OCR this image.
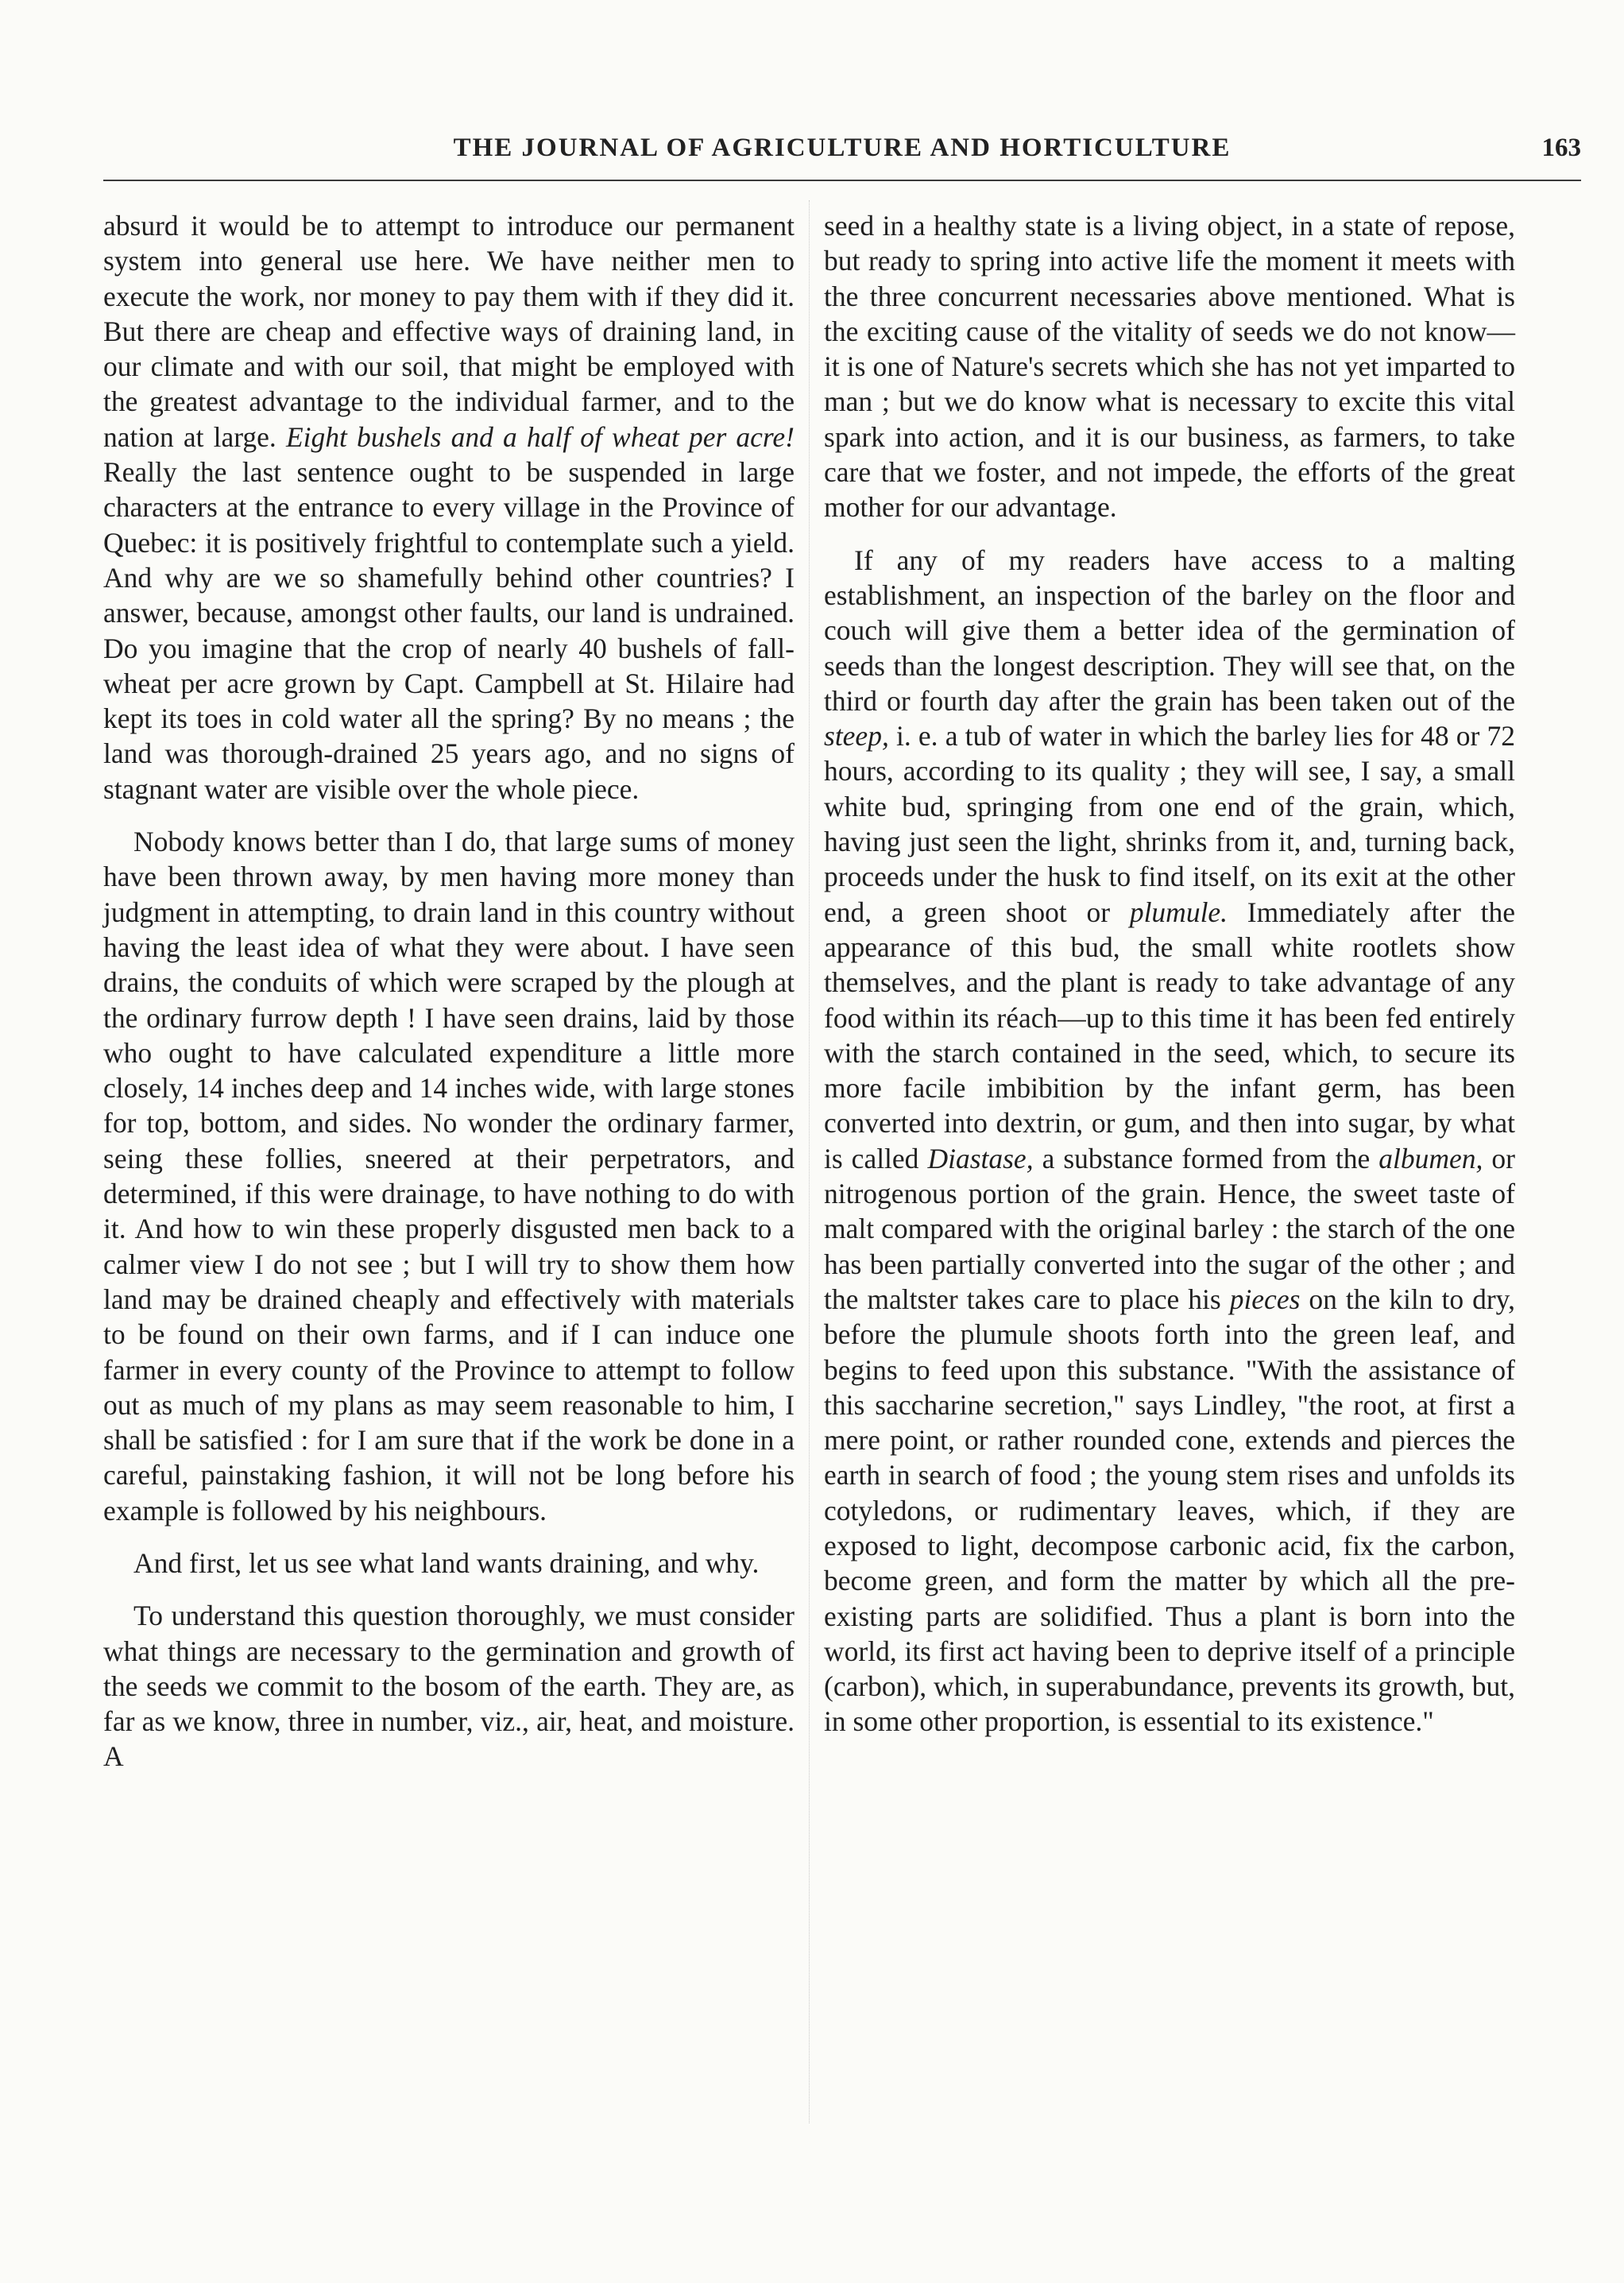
THE JOURNAL OF AGRICULTURE AND HORTICULTURE	163

absurd it would be to attempt to introduce our permanent system into general use here. We have neither men to execute the work, nor money to pay them with if they did it. But there are cheap and effective ways of draining land, in our climate and with our soil, that might be employed with the greatest advantage to the individual farmer, and to the nation at large. Eight bushels and a half of wheat per acre! Really the last sentence ought to be suspended in large characters at the entrance to every village in the Province of Quebec: it is positively frightful to contemplate such a yield. And why are we so shamefully behind other countries? I answer, because, amongst other faults, our land is undrained. Do you imagine that the crop of nearly 40 bushels of fall-wheat per acre grown by Capt. Campbell at St. Hilaire had kept its toes in cold water all the spring? By no means ; the land was thorough-drained 25 years ago, and no signs of stagnant water are visible over the whole piece.

Nobody knows better than I do, that large sums of money have been thrown away, by men having more money than judgment in attempting, to drain land in this country without having the least idea of what they were about. I have seen drains, the conduits of which were scraped by the plough at the ordinary furrow depth ! I have seen drains, laid by those who ought to have calculated expenditure a little more closely, 14 inches deep and 14 inches wide, with large stones for top, bottom, and sides. No wonder the ordinary farmer, seing these follies, sneered at their perpetrators, and determined, if this were drainage, to have nothing to do with it. And how to win these properly disgusted men back to a calmer view I do not see ; but I will try to show them how land may be drained cheaply and effectively with materials to be found on their own farms, and if I can induce one farmer in every county of the Province to attempt to follow out as much of my plans as may seem reasonable to him, I shall be satisfied : for I am sure that if the work be done in a careful, painstaking fashion, it will not be long before his example is followed by his neighbours.

And first, let us see what land wants draining, and why.

To understand this question thoroughly, we must consider what things are necessary to the germination and growth of the seeds we commit to the bosom of the earth. They are, as far as we know, three in number, viz., air, heat, and moisture. A

seed in a healthy state is a living object, in a state of repose, but ready to spring into active life the moment it meets with the three concurrent necessaries above mentioned. What is the exciting cause of the vitality of seeds we do not know—it is one of Nature's secrets which she has not yet imparted to man ; but we do know what is necessary to excite this vital spark into action, and it is our business, as farmers, to take care that we foster, and not impede, the efforts of the great mother for our advantage.

If any of my readers have access to a malting establishment, an inspection of the barley on the floor and couch will give them a better idea of the germination of seeds than the longest description. They will see that, on the third or fourth day after the grain has been taken out of the steep, i. e. a tub of water in which the barley lies for 48 or 72 hours, according to its quality ; they will see, I say, a small white bud, springing from one end of the grain, which, having just seen the light, shrinks from it, and, turning back, proceeds under the husk to find itself, on its exit at the other end, a green shoot or plumule. Immediately after the appearance of this bud, the small white rootlets show themselves, and the plant is ready to take advantage of any food within its réach—up to this time it has been fed entirely with the starch contained in the seed, which, to secure its more facile imbibition by the infant germ, has been converted into dextrin, or gum, and then into sugar, by what is called Diastase, a substance formed from the albumen, or nitrogenous portion of the grain. Hence, the sweet taste of malt compared with the original barley : the starch of the one has been partially converted into the sugar of the other ; and the maltster takes care to place his pieces on the kiln to dry, before the plumule shoots forth into the green leaf, and begins to feed upon this substance. "With the assistance of this saccharine secretion," says Lindley, "the root, at first a mere point, or rather rounded cone, extends and pierces the earth in search of food ; the young stem rises and unfolds its cotyledons, or rudimentary leaves, which, if they are exposed to light, decompose carbonic acid, fix the carbon, become green, and form the matter by which all the pre-existing parts are solidified. Thus a plant is born into the world, its first act having been to deprive itself of a principle (carbon), which, in superabundance, prevents its growth, but, in some other proportion, is essential to its existence."
